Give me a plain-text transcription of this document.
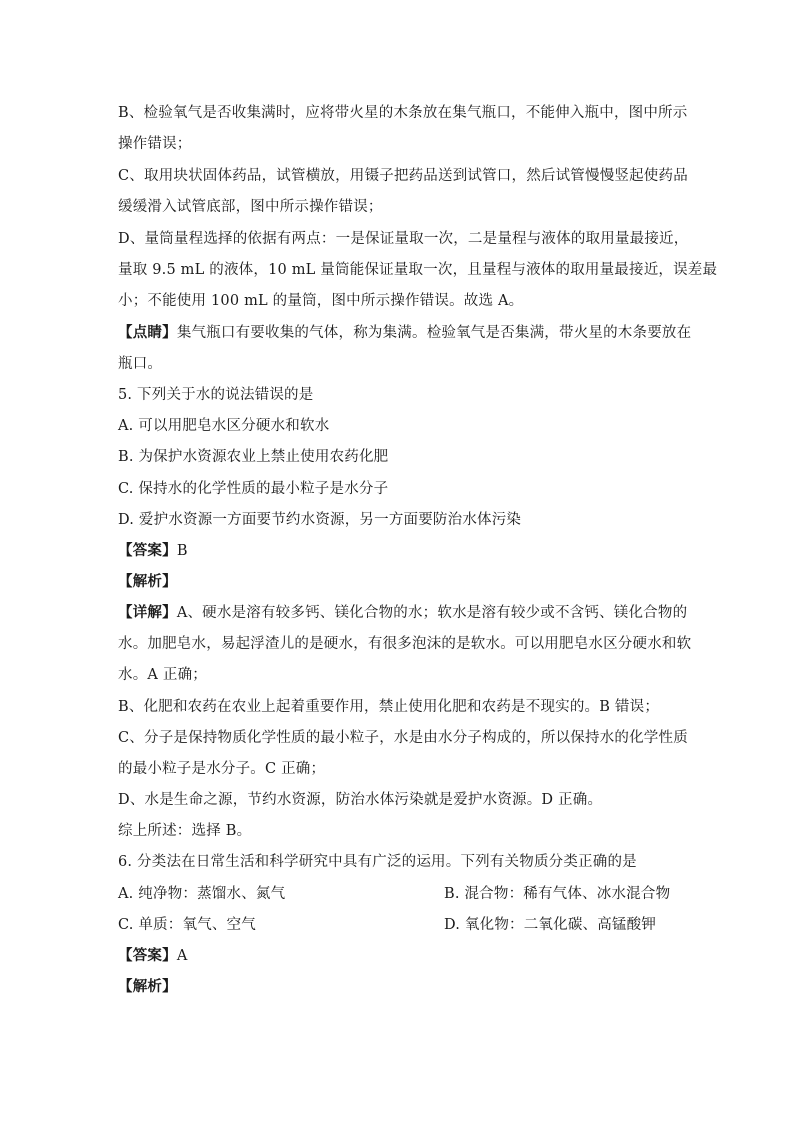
B、检验氧气是否收集满时，应将带火星的木条放在集气瓶口，不能伸入瓶中，图中所示
操作错误；
C、取用块状固体药品，试管横放，用镊子把药品送到试管口，然后试管慢慢竖起使药品
缓缓滑入试管底部，图中所示操作错误；
D、量筒量程选择的依据有两点：一是保证量取一次，二是量程与液体的取用量最接近，
量取 9.5 mL 的液体，10 mL 量筒能保证量取一次，且量程与液体的取用量最接近，误差最
小；不能使用 100 mL 的量筒，图中所示操作错误。故选 A。
【点睛】集气瓶口有要收集的气体，称为集满。检验氧气是否集满，带火星的木条要放在
瓶口。
5. 下列关于水的说法错误的是
A. 可以用肥皂水区分硬水和软水
B. 为保护水资源农业上禁止使用农药化肥
C. 保持水的化学性质的最小粒子是水分子
D. 爱护水资源一方面要节约水资源，另一方面要防治水体污染
【答案】B
【解析】
【详解】A、硬水是溶有较多钙、镁化合物的水；软水是溶有较少或不含钙、镁化合物的
水。加肥皂水，易起浮渣儿的是硬水，有很多泡沫的是软水。可以用肥皂水区分硬水和软
水。A 正确；
B、化肥和农药在农业上起着重要作用，禁止使用化肥和农药是不现实的。B 错误；
C、分子是保持物质化学性质的最小粒子，水是由水分子构成的，所以保持水的化学性质
的最小粒子是水分子。C 正确；
D、水是生命之源，节约水资源，防治水体污染就是爱护水资源。D 正确。
综上所述：选择 B。
6. 分类法在日常生活和科学研究中具有广泛的运用。下列有关物质分类正确的是
A. 纯净物：蒸馏水、氮气	B. 混合物：稀有气体、冰水混合物
C. 单质：氧气、空气	D. 氧化物：二氧化碳、高锰酸钾
【答案】A
【解析】
